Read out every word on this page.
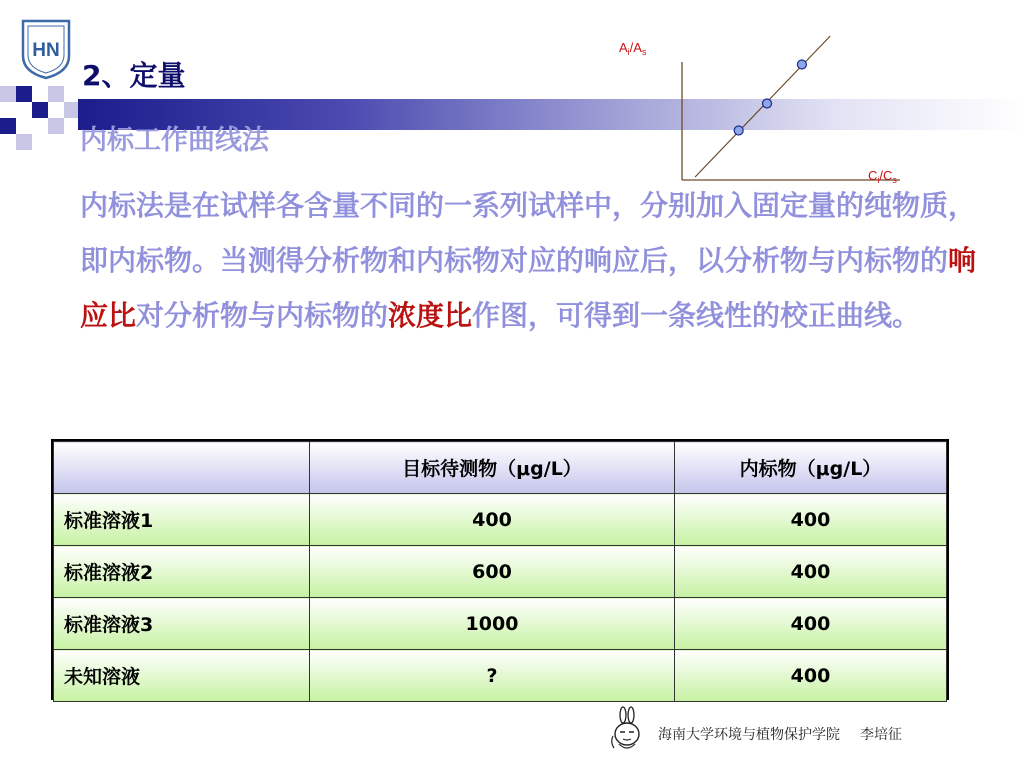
HN
2、定量
内标工作曲线法

内标法是在试样各含量不同的一系列试样中，分别加入固定量的纯物质，即内标物。当测得分析物和内标物对应的响应后，以分析物与内标物的响应比对分析物与内标物的浓度比作图，可得到一条线性的校正曲线。

$A_i/A_s$
$C_i/C_s$
	目标待测物（μg/L）	内标物（μg/L）
标准溶液1	400	400
标准溶液2	600	400
标准溶液3	1000	400
未知溶液	?	400

海南大学环境与植物保护学院 李培征
